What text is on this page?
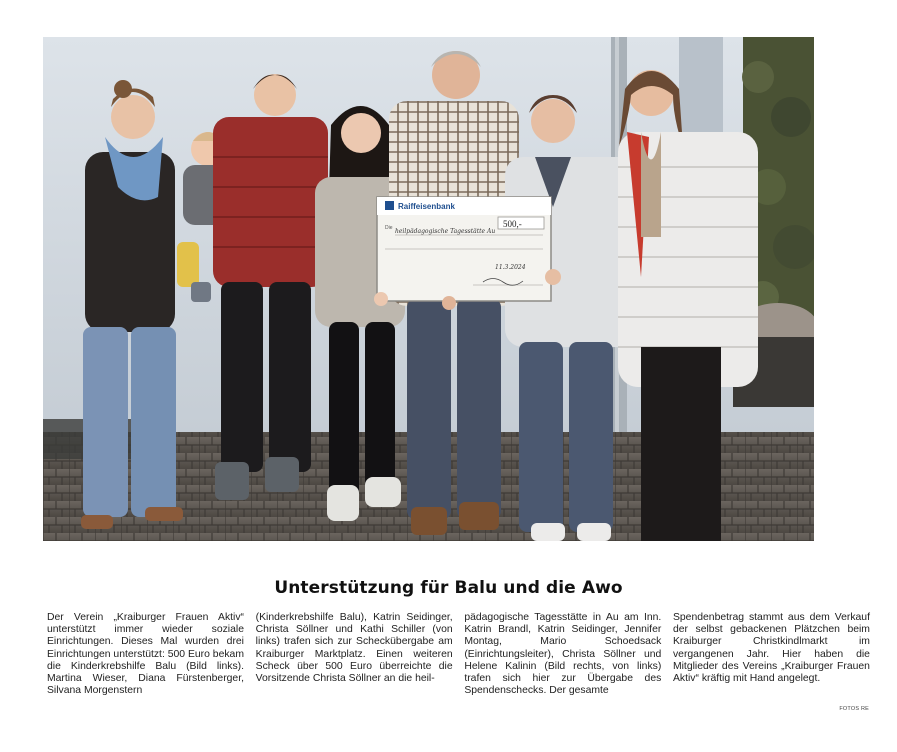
Raiffeisenbank
500,-
Die heilpädagogische Tagesstätte Au
11.3.2024
Unterstützung für Balu und die Awo
Der Verein „Kraiburger Frauen Aktiv“ unterstützt immer wieder soziale Einrichtungen. Dieses Mal wurden drei Einrichtungen unterstützt: 500 Euro bekam die Kinderkrebshilfe Balu (Bild links). Martina Wieser, Diana Fürstenberger, Silvana Morgenstern
(Kinderkrebshilfe Balu), Katrin Seidinger, Christa Söllner und Kathi Schiller (von links) trafen sich zur Scheckübergabe am Kraiburger Marktplatz. Einen weiteren Scheck über 500 Euro überreichte die Vorsitzende Christa Söllner an die heil-
pädagogische Tagesstätte in Au am Inn. Katrin Brandl, Katrin Seidinger, Jennifer Montag, Mario Schoedsack (Einrichtungsleiter), Christa Söllner und Helene Kalinin (Bild rechts, von links) trafen sich hier zur Übergabe des Spendenschecks. Der gesamte
Spendenbetrag stammt aus dem Verkauf der selbst gebackenen Plätzchen beim Kraiburger Christkindlmarkt im vergangenen Jahr. Hier haben die Mitglieder des Vereins „Kraiburger Frauen Aktiv“ kräftig mit Hand angelegt.
FOTOS RE
